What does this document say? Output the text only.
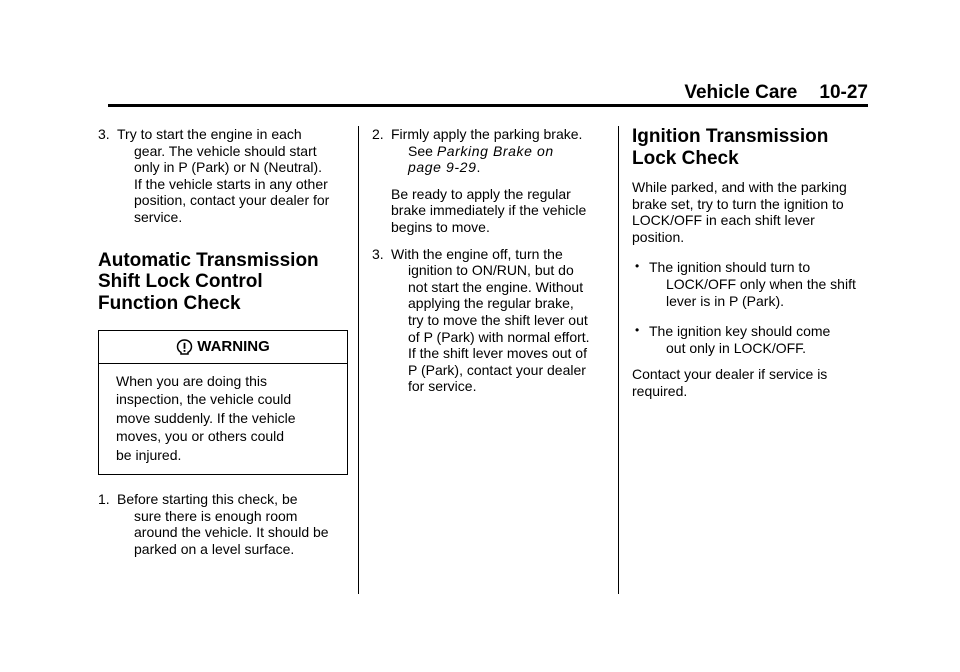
Vehicle Care 10-27
3. Try to start the engine in each
gear. The vehicle should start
only in P (Park) or N (Neutral).
If the vehicle starts in any other
position, contact your dealer for
service.
Automatic Transmission
Shift Lock Control
Function Check
WARNING
When you are doing this
inspection, the vehicle could
move suddenly. If the vehicle
moves, you or others could
be injured.
1. Before starting this check, be
sure there is enough room
around the vehicle. It should be
parked on a level surface.
2. Firmly apply the parking brake.
See Parking Brake on
page 9-29.
Be ready to apply the regular
brake immediately if the vehicle
begins to move.
3. With the engine off, turn the
ignition to ON/RUN, but do
not start the engine. Without
applying the regular brake,
try to move the shift lever out
of P (Park) with normal effort.
If the shift lever moves out of
P (Park), contact your dealer
for service.
Ignition Transmission
Lock Check
While parked, and with the parking
brake set, try to turn the ignition to
LOCK/OFF in each shift lever
position.
• The ignition should turn to
LOCK/OFF only when the shift
lever is in P (Park).
• The ignition key should come
out only in LOCK/OFF.
Contact your dealer if service is
required.
